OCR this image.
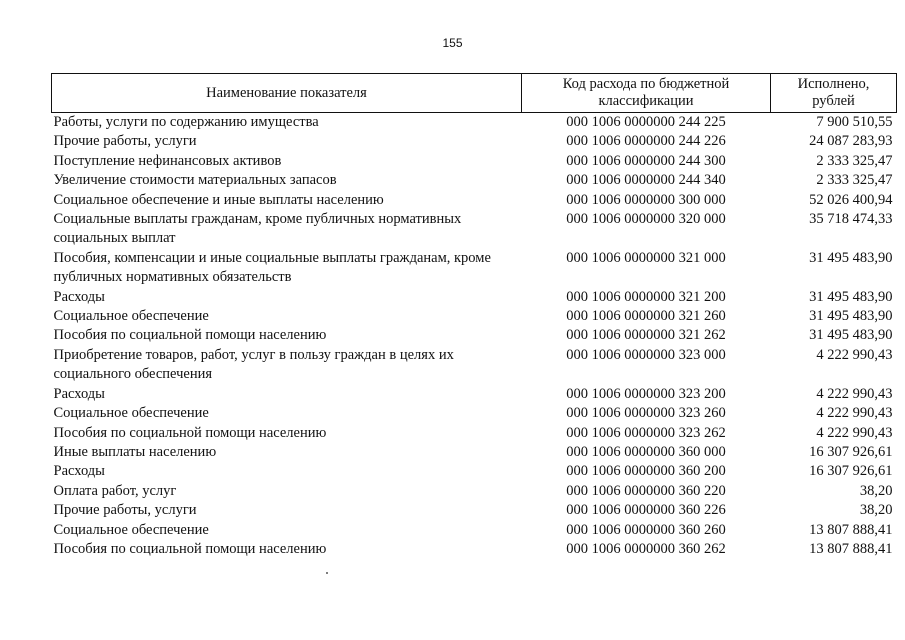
155
Наименование показателя	Код расхода по бюджетной классификации	Исполнено, рублей
Работы, услуги по содержанию имущества	000 1006 0000000 244 225	7 900 510,55
Прочие работы, услуги	000 1006 0000000 244 226	24 087 283,93
Поступление нефинансовых активов	000 1006 0000000 244 300	2 333 325,47
Увеличение стоимости материальных запасов	000 1006 0000000 244 340	2 333 325,47
Социальное обеспечение и иные выплаты населению	000 1006 0000000 300 000	52 026 400,94
Социальные выплаты гражданам, кроме публичных нормативных социальных выплат	000 1006 0000000 320 000	35 718 474,33
Пособия, компенсации и иные социальные выплаты гражданам, кроме публичных нормативных обязательств	000 1006 0000000 321 000	31 495 483,90
Расходы	000 1006 0000000 321 200	31 495 483,90
Социальное обеспечение	000 1006 0000000 321 260	31 495 483,90
Пособия по социальной помощи населению	000 1006 0000000 321 262	31 495 483,90
Приобретение товаров, работ, услуг в пользу граждан в целях их социального обеспечения	000 1006 0000000 323 000	4 222 990,43
Расходы	000 1006 0000000 323 200	4 222 990,43
Социальное обеспечение	000 1006 0000000 323 260	4 222 990,43
Пособия по социальной помощи населению	000 1006 0000000 323 262	4 222 990,43
Иные выплаты населению	000 1006 0000000 360 000	16 307 926,61
Расходы	000 1006 0000000 360 200	16 307 926,61
Оплата работ, услуг	000 1006 0000000 360 220	38,20
Прочие работы, услуги	000 1006 0000000 360 226	38,20
Социальное обеспечение	000 1006 0000000 360 260	13 807 888,41
Пособия по социальной помощи населению	000 1006 0000000 360 262	13 807 888,41
